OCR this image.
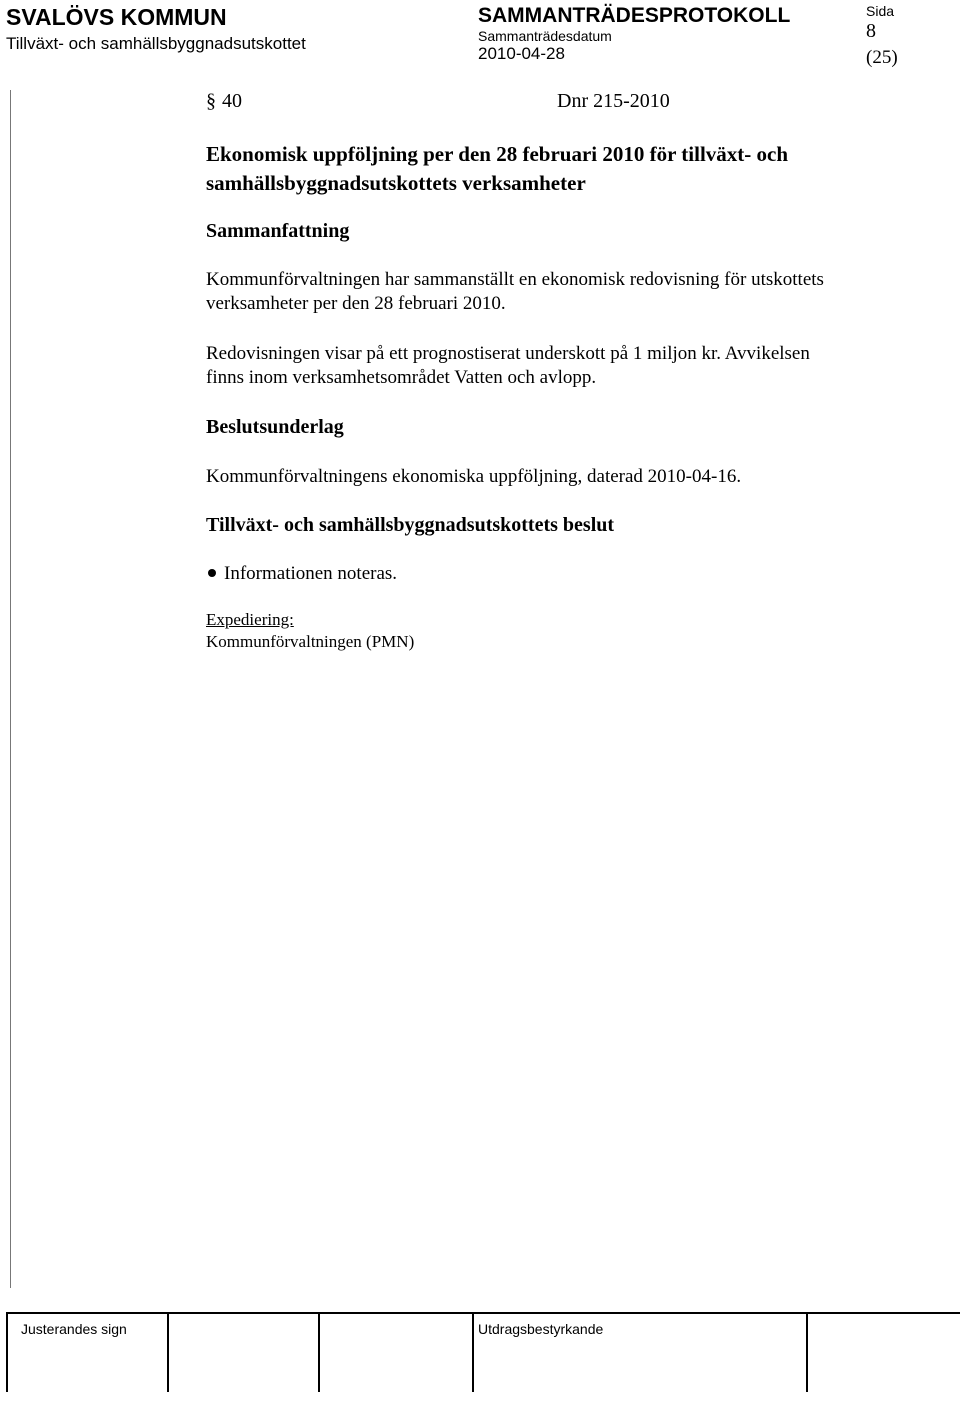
SVALÖVS KOMMUN
Tillväxt- och samhällsbyggnadsutskottet
SAMMANTRÄDESPROTOKOLL
Sammanträdesdatum
2010-04-28
Sida
8
(25)
§ 40	Dnr 215-2010
Ekonomisk uppföljning per den 28 februari 2010 för tillväxt- och
samhällsbyggnadsutskottets verksamheter
Sammanfattning
Kommunförvaltningen har sammanställt en ekonomisk redovisning för utskottets
verksamheter per den 28 februari 2010.
Redovisningen visar på ett prognostiserat underskott på 1 miljon kr. Avvikelsen
finns inom verksamhetsområdet Vatten och avlopp.
Beslutsunderlag
Kommunförvaltningens ekonomiska uppföljning, daterad 2010-04-16.
Tillväxt- och samhällsbyggnadsutskottets beslut
Informationen noteras.
Expediering:
Kommunförvaltningen (PMN)
Justerandes sign	Utdragsbestyrkande
